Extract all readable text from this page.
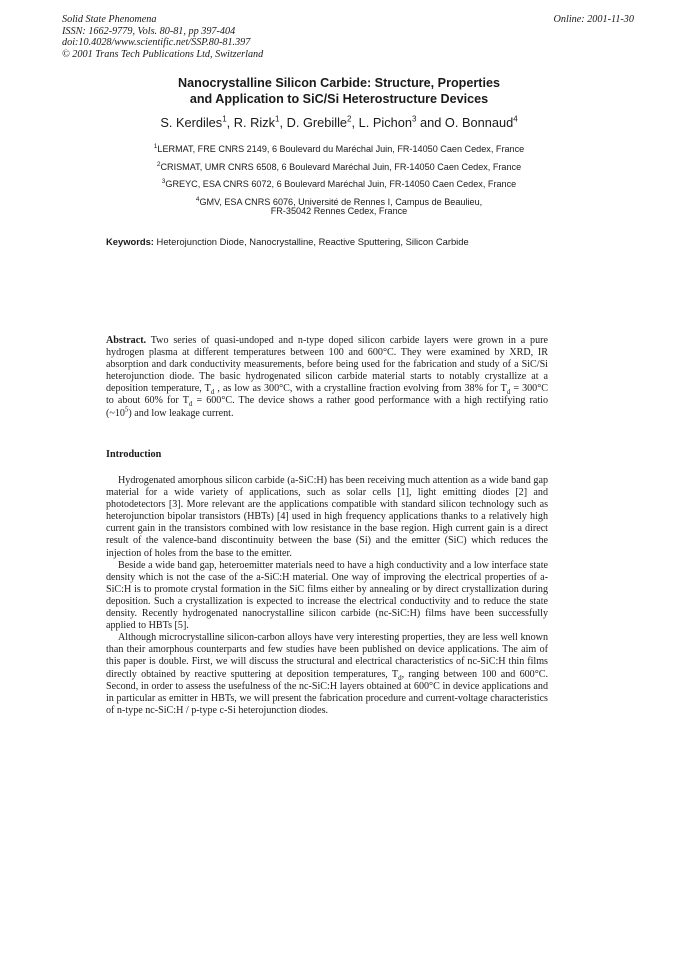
Solid State Phenomena
ISSN: 1662-9779, Vols. 80-81, pp 397-404
doi:10.4028/www.scientific.net/SSP.80-81.397
© 2001 Trans Tech Publications Ltd, Switzerland
Online: 2001-11-30
Nanocrystalline Silicon Carbide: Structure, Properties
and Application to SiC/Si Heterostructure Devices
S. Kerdiles$^1$, R. Rizk$^1$, D. Grebille$^2$, L. Pichon$^3$ and O. Bonnaud$^4$
$^1$LERMAT, FRE CNRS 2149, 6 Boulevard du Maréchal Juin, FR-14050 Caen Cedex, France
$^2$CRISMAT, UMR CNRS 6508, 6 Boulevard Maréchal Juin, FR-14050 Caen Cedex, France
$^3$GREYC, ESA CNRS 6072, 6 Boulevard Maréchal Juin, FR-14050 Caen Cedex, France
$^4$GMV, ESA CNRS 6076, Université de Rennes I, Campus de Beaulieu,
FR-35042 Rennes Cedex, France
Keywords: Heterojunction Diode, Nanocrystalline, Reactive Sputtering, Silicon Carbide
Abstract. Two series of quasi-undoped and n-type doped silicon carbide layers were grown in a pure hydrogen plasma at different temperatures between 100 and 600°C. They were examined by XRD, IR absorption and dark conductivity measurements, before being used for the fabrication and study of a SiC/Si heterojunction diode. The basic hydrogenated silicon carbide material starts to notably crystallize at a deposition temperature, $T_d$ , as low as 300°C, with a crystalline fraction evolving from 38% for $T_d = 300^\circ C$ to about 60% for $T_d = 600^\circ C$. The device shows a rather good performance with a high rectifying ratio $(\sim 10^5)$ and low leakage current.
Introduction

Hydrogenated amorphous silicon carbide (a-SiC:H) has been receiving much attention as a wide band gap material for a wide variety of applications, such as solar cells [1], light emitting diodes [2] and photodetectors [3]. More relevant are the applications compatible with standard silicon technology such as heterojunction bipolar transistors (HBTs) [4] used in high frequency applications thanks to a relatively high current gain in the transistors combined with low resistance in the base region. High current gain is a direct result of the valence-band discontinuity between the base (Si) and the emitter (SiC) which reduces the injection of holes from the base to the emitter.

Beside a wide band gap, heteroemitter materials need to have a high conductivity and a low interface state density which is not the case of the a-SiC:H material. One way of improving the electrical properties of a-SiC:H is to promote crystal formation in the SiC films either by annealing or by direct crystallization during deposition. Such a crystallization is expected to increase the electrical conductivity and to reduce the state density. Recently hydrogenated nanocrystalline silicon carbide (nc-SiC:H) films have been successfully applied to HBTs [5].

Although microcrystalline silicon-carbon alloys have very interesting properties, they are less well known than their amorphous counterparts and few studies have been published on device applications. The aim of this paper is double. First, we will discuss the structural and electrical characteristics of nc-SiC:H thin films directly obtained by reactive sputtering at deposition temperatures, $T_d$, ranging between 100 and 600°C. Second, in order to assess the usefulness of the nc-SiC:H layers obtained at 600°C in device applications and in particular as emitter in HBTs, we will present the fabrication procedure and current-voltage characteristics of n-type nc-SiC:H / p-type c-Si heterojunction diodes.
